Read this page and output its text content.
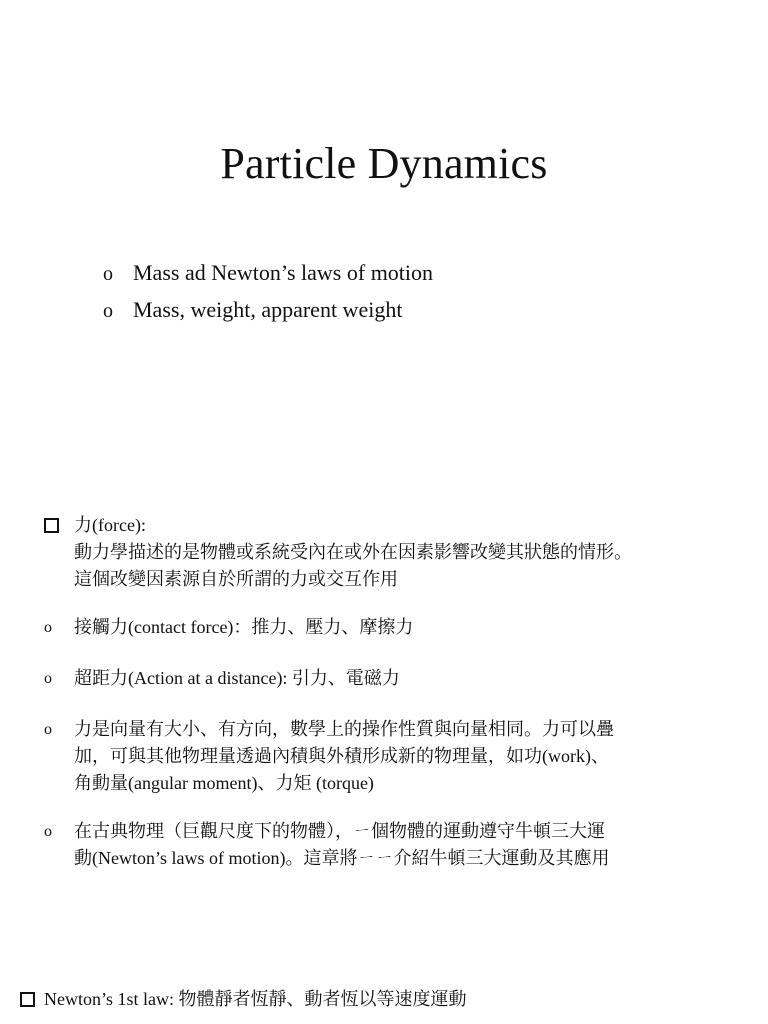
Particle Dynamics
o Mass ad Newton’s laws of motion
o Mass, weight, apparent weight
力(force):
動力學描述的是物體或系統受內在或外在因素影響改變其狀態的情形。
這個改變因素源自於所謂的力或交互作用
o	接觸力(contact force)：推力、壓力、摩擦力
o	超距力(Action at a distance): 引力、電磁力
o	力是向量有大小、有方向，數學上的操作性質與向量相同。力可以疊
加，可與其他物理量透過內積與外積形成新的物理量，如功(work)、
角動量(angular moment)、力矩 (torque)
o	在古典物理（巨觀尺度下的物體），ㄧ個物體的運動遵守牛頓三大運
動(Newton’s laws of motion)。這章將ㄧㄧ介紹牛頓三大運動及其應用
Newton’s 1st law: 物體靜者恆靜、動者恆以等速度運動
